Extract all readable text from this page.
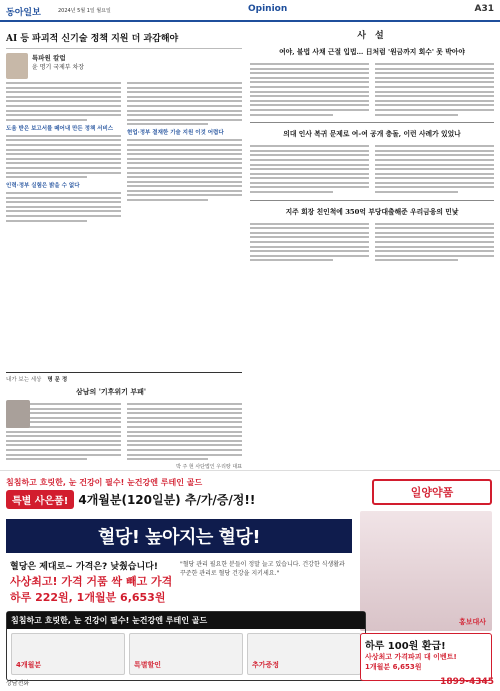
동아일보	2024년 5월 1일 월요일	Opinion	A31
AI 등 파괴적 신기술 정책 지원 더 과감해야
특파원 칼럼
윤 명기 국제부 차장
도움 받은 보고서를 떼어내 만든 정책 서비스
인력·정부 실험은 밝을 수 없다
현업·정부 결재한 기술 지원 이것 어렵다
내가 보는 세상 명 문 정
삼남의 '기후위기 부패'
박 주 현 사단법인 우리땅 대표
사 설
여야, 불법 사채 근절 입법… 日처럼 '원금까지 회수' 못 박아야
의대 인사 복귀 문제로 여-여 공개 충돌, 이런 사례가 있었나
지주 회장 친인척에 350억 부당대출해준 우리금융의 민낯
침침하고 흐릿한, 눈 건강이 필수! 눈건강엔 루테인 골드
특별 사은품! 4개월분(120일분) 추/가/증/정!!
일양약품
혈당! 높아지는 혈당!
혈당은 제대로~ 가격은? 낮췄습니다!
사상최고! 가격 거품 싹 빼고 가격
하루 222원, 1개월분 6,653원
"혈당 관리 필요한 분들이 정말 늘고 있습니다. 건강한 식생활과 꾸준한 관리로 혈당 건강을 지키세요."
홍보대사
침침하고 흐릿한, 눈 건강이 필수! 눈건강엔 루테인 골드
4개월분	특별할인	추가증정
하루 100원 환급!
사상최고 가격파괴 대 이벤트!
1개월분 6,653원
상담전화	1899-4345
